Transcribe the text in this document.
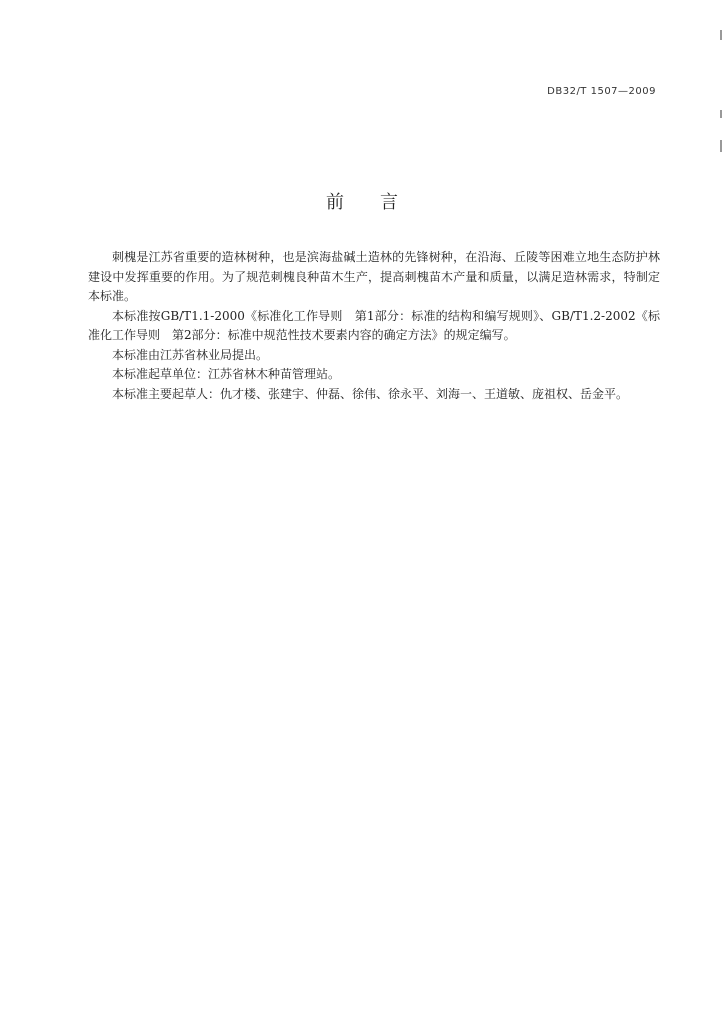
DB32/T 1507—2009
前言

刺槐是江苏省重要的造林树种，也是滨海盐碱土造林的先锋树种，在沿海、丘陵等困难立地生态防护林建设中发挥重要的作用。为了规范刺槐良种苗木生产，提高刺槐苗木产量和质量，以满足造林需求，特制定本标准。

本标准按GB/T1.1-2000《标准化工作导则　第1部分：标准的结构和编写规则》、GB/T1.2-2002《标准化工作导则　第2部分：标准中规范性技术要素内容的确定方法》的规定编写。

本标准由江苏省林业局提出。

本标准起草单位：江苏省林木种苗管理站。

本标准主要起草人：仇才楼、张建宇、仲磊、徐伟、徐永平、刘海一、王道敏、庞祖权、岳金平。
